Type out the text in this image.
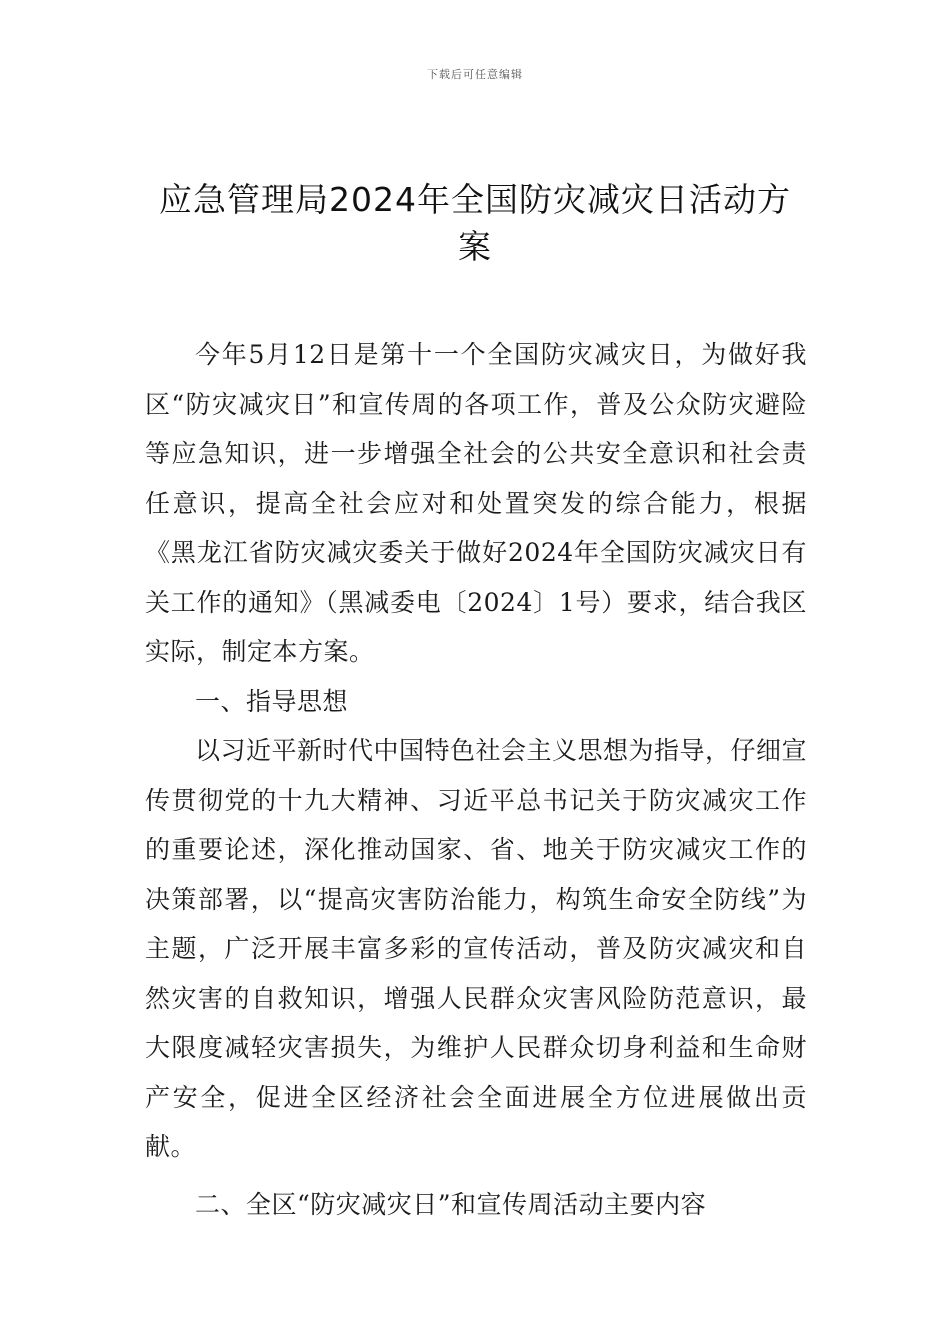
下载后可任意编辑
应急管理局2024年全国防灾减灾日活动方案

今年5月12日是第十一个全国防灾减灾日，为做好我区“防灾减灾日”和宣传周的各项工作，普及公众防灾避险等应急知识，进一步增强全社会的公共安全意识和社会责任意识，提高全社会应对和处置突发的综合能力，根据《黑龙江省防灾减灾委关于做好2024年全国防灾减灾日有关工作的通知》（黑减委电〔2024〕1号）要求，结合我区实际，制定本方案。

一、指导思想

以习近平新时代中国特色社会主义思想为指导，仔细宣传贯彻党的十九大精神、习近平总书记关于防灾减灾工作的重要论述，深化推动国家、省、地关于防灾减灾工作的决策部署，以“提高灾害防治能力，构筑生命安全防线”为主题，广泛开展丰富多彩的宣传活动，普及防灾减灾和自然灾害的自救知识，增强人民群众灾害风险防范意识，最大限度减轻灾害损失，为维护人民群众切身利益和生命财产安全，促进全区经济社会全面进展全方位进展做出贡献。

二、全区“防灾减灾日”和宣传周活动主要内容
